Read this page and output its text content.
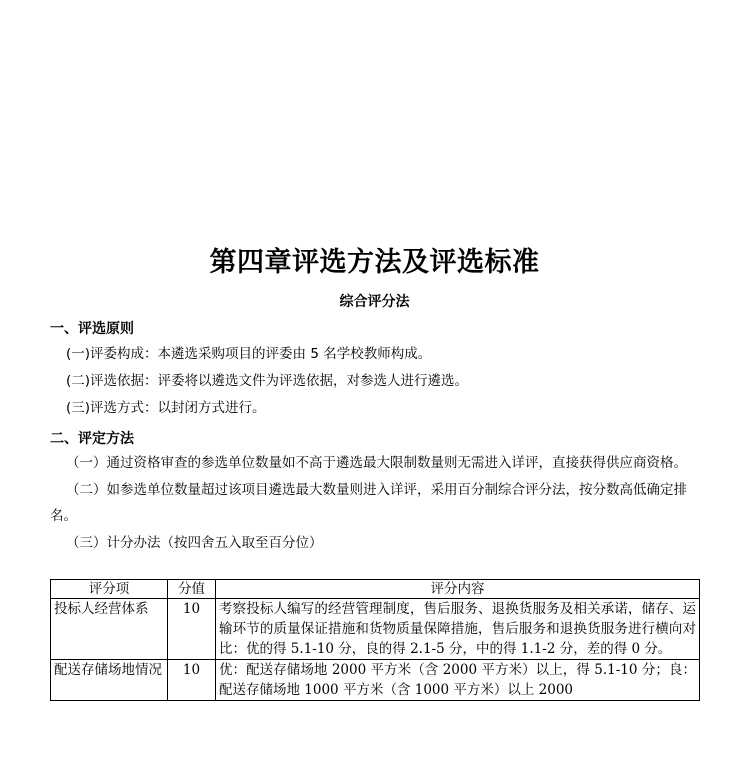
第四章评选方法及评选标准

综合评分法

一、评选原则

(一)评委构成：本遴选采购项目的评委由 5 名学校教师构成。

(二)评选依据：评委将以遴选文件为评选依据，对参选人进行遴选。

(三)评选方式：以封闭方式进行。

二、评定方法

（一）通过资格审查的参选单位数量如不高于遴选最大限制数量则无需进入详评，直接获得供应商资格。

（二）如参选单位数量超过该项目遴选最大数量则进入详评，采用百分制综合评分法，按分数高低确定排名。

（三）计分办法（按四舍五入取至百分位）

评分项	分值	评分内容
投标人经营体系	10	考察投标人编写的经营管理制度，售后服务、退换货服务及相关承诺，储存、运输环节的质量保证措施和货物质量保障措施，售后服务和退换货服务进行横向对比：优的得 5.1-10 分，良的得 2.1-5 分，中的得 1.1-2 分，差的得 0 分。
配送存储场地情况	10	优：配送存储场地 2000 平方米（含 2000 平方米）以上，得 5.1-10 分；良：配送存储场地 1000 平方米（含 1000 平方米）以上 2000
